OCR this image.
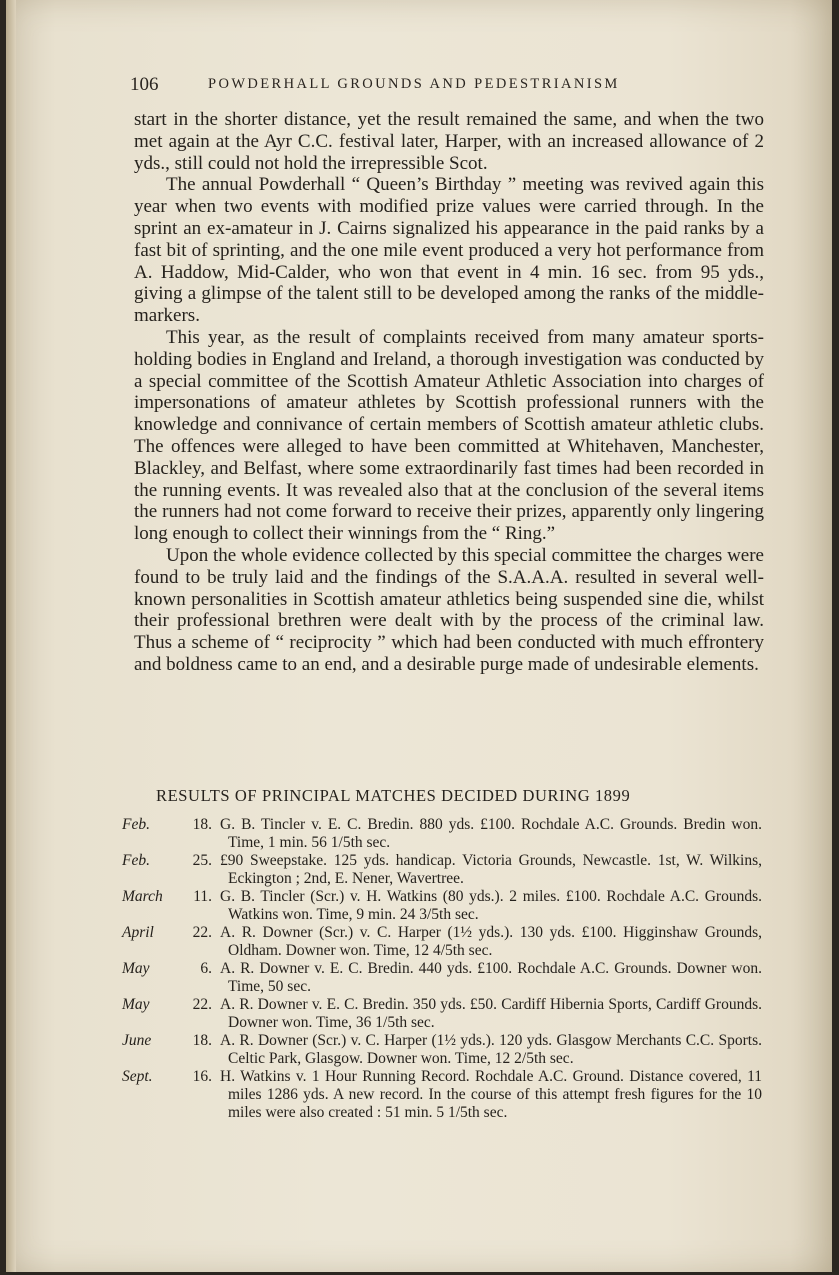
106	POWDERHALL GROUNDS AND PEDESTRIANISM

start in the shorter distance, yet the result remained the same, and when the two met again at the Ayr C.C. festival later, Harper, with an increased allowance of 2 yds., still could not hold the irrepressible Scot.

The annual Powderhall “ Queen’s Birthday ” meeting was revived again this year when two events with modified prize values were carried through. In the sprint an ex-amateur in J. Cairns signalized his appearance in the paid ranks by a fast bit of sprinting, and the one mile event produced a very hot performance from A. Haddow, Mid-Calder, who won that event in 4 min. 16 sec. from 95 yds., giving a glimpse of the talent still to be developed among the ranks of the middle-markers.

This year, as the result of complaints received from many amateur sports-holding bodies in England and Ireland, a thorough investigation was conducted by a special committee of the Scottish Amateur Athletic Association into charges of impersonations of amateur athletes by Scottish professional runners with the knowledge and connivance of certain members of Scottish amateur athletic clubs. The offences were alleged to have been committed at Whitehaven, Manchester, Blackley, and Belfast, where some extraordinarily fast times had been recorded in the running events. It was revealed also that at the conclusion of the several items the runners had not come forward to receive their prizes, apparently only lingering long enough to collect their winnings from the “ Ring.”

Upon the whole evidence collected by this special committee the charges were found to be truly laid and the findings of the S.A.A.A. resulted in several well-known personalities in Scottish amateur athletics being suspended sine die, whilst their professional brethren were dealt with by the process of the criminal law. Thus a scheme of “ reciprocity ” which had been conducted with much effrontery and boldness came to an end, and a desirable purge made of undesirable elements.

RESULTS OF PRINCIPAL MATCHES DECIDED DURING 1899
Feb.	18. G. B. Tincler v. E. C. Bredin. 880 yds. £100. Rochdale A.C. Grounds. Bredin won. Time, 1 min. 56 1/5th sec.
Feb.	25. £90 Sweepstake. 125 yds. handicap. Victoria Grounds, Newcastle. 1st, W. Wilkins, Eckington ; 2nd, E. Nener, Wavertree.
March	11. G. B. Tincler (Scr.) v. H. Watkins (80 yds.). 2 miles. £100. Rochdale A.C. Grounds. Watkins won. Time, 9 min. 24 3/5th sec.
April	22. A. R. Downer (Scr.) v. C. Harper (1½ yds.). 130 yds. £100. Higginshaw Grounds, Oldham. Downer won. Time, 12 4/5th sec.
May	6. A. R. Downer v. E. C. Bredin. 440 yds. £100. Rochdale A.C. Grounds. Downer won. Time, 50 sec.
May	22. A. R. Downer v. E. C. Bredin. 350 yds. £50. Cardiff Hibernia Sports, Cardiff Grounds. Downer won. Time, 36 1/5th sec.
June	18. A. R. Downer (Scr.) v. C. Harper (1½ yds.). 120 yds. Glasgow Merchants C.C. Sports. Celtic Park, Glasgow. Downer won. Time, 12 2/5th sec.
Sept.	16. H. Watkins v. 1 Hour Running Record. Rochdale A.C. Ground. Distance covered, 11 miles 1286 yds. A new record. In the course of this attempt fresh figures for the 10 miles were also created : 51 min. 5 1/5th sec.
